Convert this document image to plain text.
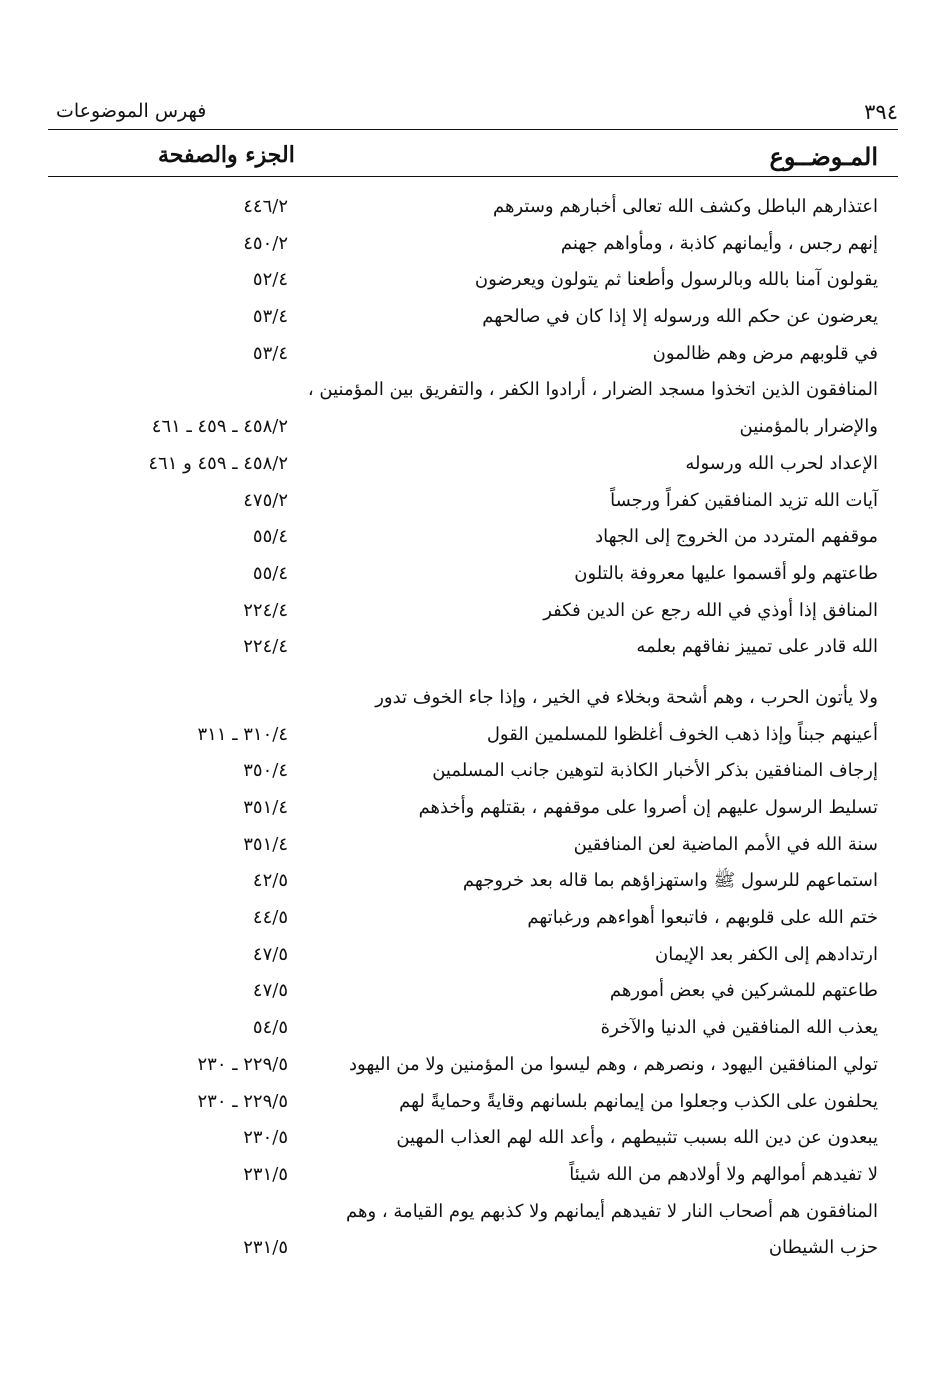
٣٩٤
فهرس الموضوعات
المـوضــوع
الجزء والصفحة
اعتذارهم الباطل وكشف الله تعالى أخبارهم وسترهم
٤٤٦/٢
إنهم رجس ، وأيمانهم كاذبة ، ومأواهم جهنم
٤٥٠/٢
يقولون آمنا بالله وبالرسول وأطعنا ثم يتولون ويعرضون
٥٢/٤
يعرضون عن حكم الله ورسوله إلا إذا كان في صالحهم
٥٣/٤
في قلوبهم مرض وهم ظالمون
٥٣/٤
المنافقون الذين اتخذوا مسجد الضرار ، أرادوا الكفر ، والتفريق بين المؤمنين ،
والإضرار بالمؤمنين
٤٥٨/٢ ـ ٤٥٩ ـ ٤٦١
الإعداد لحرب الله ورسوله
٤٥٨/٢ ـ ٤٥٩ و ٤٦١
آيات الله تزيد المنافقين كفراً ورجساً
٤٧٥/٢
موقفهم المتردد من الخروج إلى الجهاد
٥٥/٤
طاعتهم ولو أقسموا عليها معروفة بالتلون
٥٥/٤
المنافق إذا أوذي في الله رجع عن الدين فكفر
٢٢٤/٤
الله قادر على تمييز نفاقهم بعلمه
٢٢٤/٤
ولا يأتون الحرب ، وهم أشحة وبخلاء في الخير ، وإذا جاء الخوف تدور
أعينهم جبناً وإذا ذهب الخوف أغلظوا للمسلمين القول
٣١٠/٤ ـ ٣١١
إرجاف المنافقين بذكر الأخبار الكاذبة لتوهين جانب المسلمين
٣٥٠/٤
تسليط الرسول عليهم إن أصروا على موقفهم ، بقتلهم وأخذهم
٣٥١/٤
سنة الله في الأمم الماضية لعن المنافقين
٣٥١/٤
استماعهم للرسول ﷺ واستهزاؤهم بما قاله بعد خروجهم
٤٢/٥
ختم الله على قلوبهم ، فاتبعوا أهواءهم ورغباتهم
٤٤/٥
ارتدادهم إلى الكفر بعد الإيمان
٤٧/٥
طاعتهم للمشركين في بعض أمورهم
٤٧/٥
يعذب الله المنافقين في الدنيا والآخرة
٥٤/٥
تولي المنافقين اليهود ، ونصرهم ، وهم ليسوا من المؤمنين ولا من اليهود
٢٢٩/٥ ـ ٢٣٠
يحلفون على الكذب وجعلوا من إيمانهم بلسانهم وقايةً وحمايةً لهم
٢٢٩/٥ ـ ٢٣٠
يبعدون عن دين الله بسبب تثبيطهم ، وأعد الله لهم العذاب المهين
٢٣٠/٥
لا تفيدهم أموالهم ولا أولادهم من الله شيئاً
٢٣١/٥
المنافقون هم أصحاب النار لا تفيدهم أيمانهم ولا كذبهم يوم القيامة ، وهم
حزب الشيطان
٢٣١/٥
